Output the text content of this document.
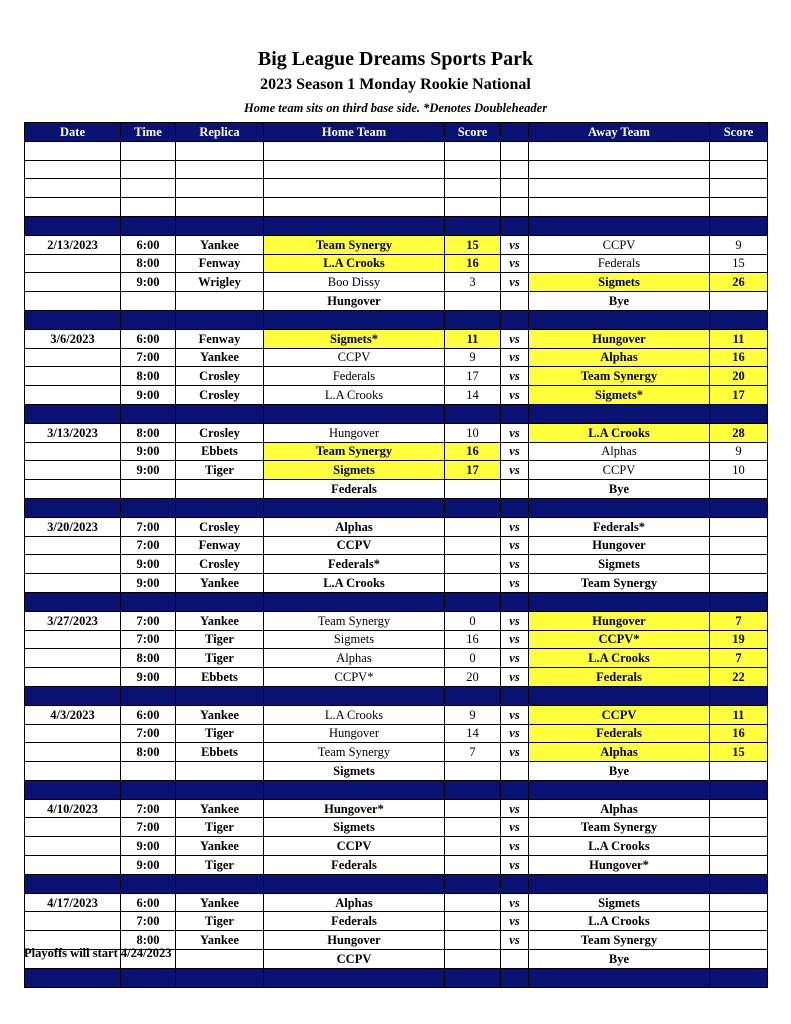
Big League Dreams Sports Park
2023 Season 1 Monday Rookie National
Home team sits on third base side. *Denotes Doubleheader
Date	Time	Replica	Home Team	Score		Away Team	Score

2/13/2023	6:00	Yankee	Team Synergy	15	vs	CCPV	9
	8:00	Fenway	L.A Crooks	16	vs	Federals	15
	9:00	Wrigley	Boo Dissy	3	vs	Sigmets	26
			Hungover			Bye	

3/6/2023	6:00	Fenway	Sigmets*	11	vs	Hungover	11
	7:00	Yankee	CCPV	9	vs	Alphas	16
	8:00	Crosley	Federals	17	vs	Team Synergy	20
	9:00	Crosley	L.A Crooks	14	vs	Sigmets*	17

3/13/2023	8:00	Crosley	Hungover	10	vs	L.A Crooks	28
	9:00	Ebbets	Team Synergy	16	vs	Alphas	9
	9:00	Tiger	Sigmets	17	vs	CCPV	10
			Federals			Bye	

3/20/2023	7:00	Crosley	Alphas		vs	Federals*	
	7:00	Fenway	CCPV		vs	Hungover	
	9:00	Crosley	Federals*		vs	Sigmets	
	9:00	Yankee	L.A Crooks		vs	Team Synergy	

3/27/2023	7:00	Yankee	Team Synergy	0	vs	Hungover	7
	7:00	Tiger	Sigmets	16	vs	CCPV*	19
	8:00	Tiger	Alphas	0	vs	L.A Crooks	7
	9:00	Ebbets	CCPV*	20	vs	Federals	22

4/3/2023	6:00	Yankee	L.A Crooks	9	vs	CCPV	11
	7:00	Tiger	Hungover	14	vs	Federals	16
	8:00	Ebbets	Team Synergy	7	vs	Alphas	15
			Sigmets			Bye	

4/10/2023	7:00	Yankee	Hungover*		vs	Alphas	
	7:00	Tiger	Sigmets		vs	Team Synergy	
	9:00	Yankee	CCPV		vs	L.A Crooks	
	9:00	Tiger	Federals		vs	Hungover*	

4/17/2023	6:00	Yankee	Alphas		vs	Sigmets	
	7:00	Tiger	Federals		vs	L.A Crooks	
	8:00	Yankee	Hungover		vs	Team Synergy	
			CCPV			Bye	

Playoffs will start 4/24/2023
